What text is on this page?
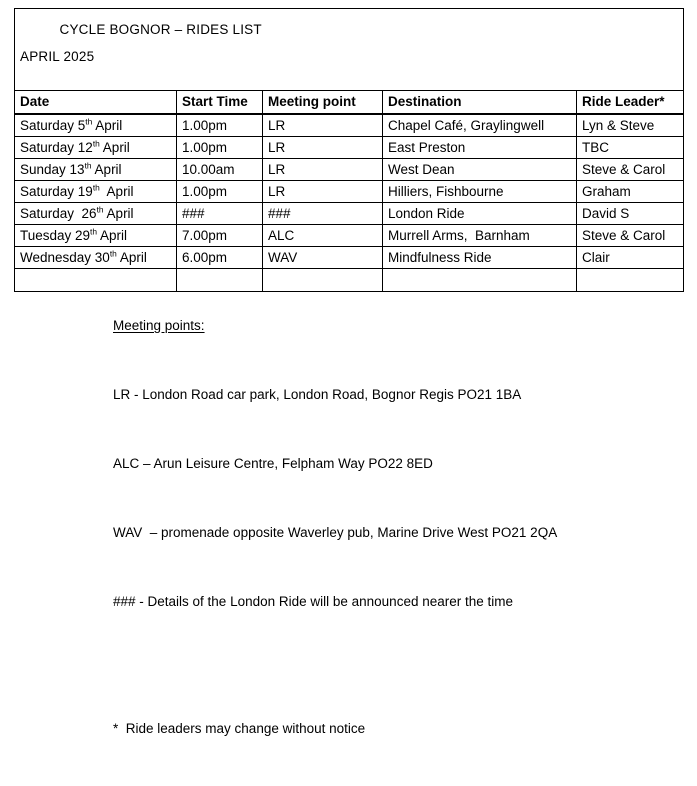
CYCLE BOGNOR – RIDES LIST

APRIL 2025				

Date	Start Time	Meeting point	Destination	Ride Leader*
Saturday 5th April	1.00pm	LR	Chapel Café, Graylingwell	Lyn & Steve
Saturday 12th April	1.00pm	LR	East Preston	TBC
Sunday 13th April	10.00am	LR	West Dean	Steve & Carol
Saturday 19th  April	1.00pm	LR	Hilliers, Fishbourne	Graham
Saturday  26th April	###	###	London Ride	David S
Tuesday 29th April	7.00pm	ALC	Murrell Arms,  Barnham	Steve & Carol
Wednesday 30th April	6.00pm	WAV	Mindfulness Ride	Clair

Meeting points:

LR - London Road car park, London Road, Bognor Regis PO21 1BA

ALC – Arun Leisure Centre, Felpham Way PO22 8ED

WAV  – promenade opposite Waverley pub, Marine Drive West PO21 2QA

### - Details of the London Ride will be announced nearer the time

*  Ride leaders may change without notice
